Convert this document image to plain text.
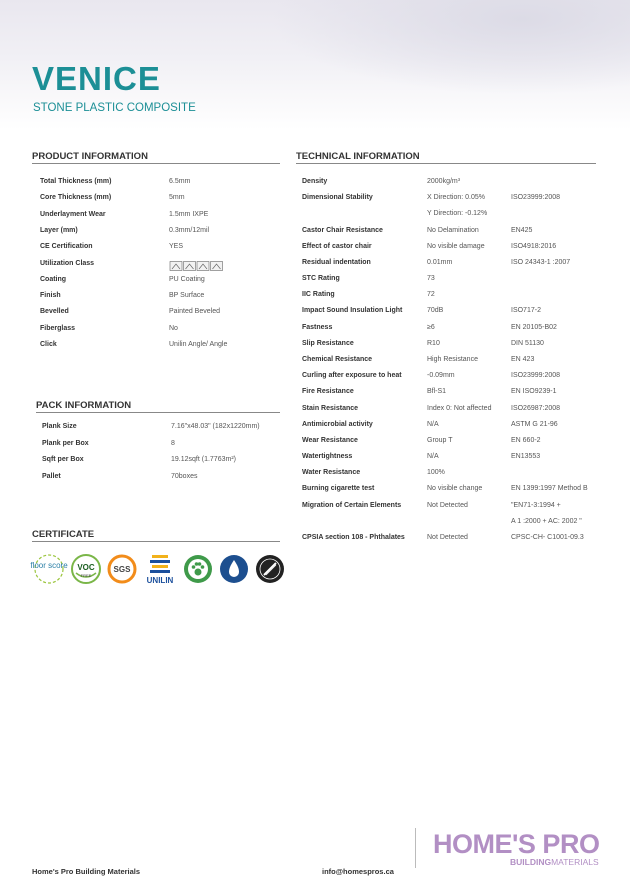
VENICE
STONE PLASTIC COMPOSITE
PRODUCT INFORMATION
Total Thickness (mm)	6.5mm
Core Thickness (mm)	5mm
Underlayment Wear	1.5mm IXPE
Layer (mm)	0.3mm/12mil
CE Certification	YES
Utilization Class
Coating	PU Coating
Finish	BP Surface
Bevelled	Painted Beveled
Fiberglass	No
Click	Unilin Angle/ Angle
PACK INFORMATION
Plank Size	7.16"x48.03" (182x1220mm)
Plank per Box	8
Sqft per Box	19.12sqft (1.7763m²)
Pallet	70boxes
TECHNICAL INFORMATION
Density	2000kg/m³
Dimensional Stability	X Direction: 0.05%	ISO23999:2008
Y Direction: -0.12%
Castor Chair Resistance	No Delamination	EN425
Effect of castor chair	No visible damage	ISO4918:2016
Residual indentation	0.01mm	ISO 24343-1 :2007
STC Rating	73
IIC Rating	72
Impact Sound Insulation Light	70dB	ISO717-2
Fastness	≥6	EN 20105-B02
Slip Resistance	R10	DIN 51130
Chemical Resistance	High Resistance	EN 423
Curling after exposure to heat	-0.09mm	ISO23999:2008
Fire Resistance	Bfl-S1	EN ISO9239-1
Stain Resistance	Index 0: Not affected	ISO26987:2008
Antimicrobial activity	N/A	ASTM G 21-96
Wear Resistance	Group T	EN 660-2
Watertightness	N/A	EN13553
Water Resistance	100%
Burning cigarette test	No visible change	EN 1399:1997 Method B
Migration of Certain Elements	Not Detected	"EN71-3:1994 +
A 1 :2000 + AC: 2002 "
CPSIA section 108 - Phthalates	Not Detected	CPSC-CH- C1001-09.3
CERTIFICATE
floor score VOC
FREE
SGS
UNILIN
Home's Pro Building Materials	info@homespros.ca
HOME'S PRO
BUILDINGMATERIALS
